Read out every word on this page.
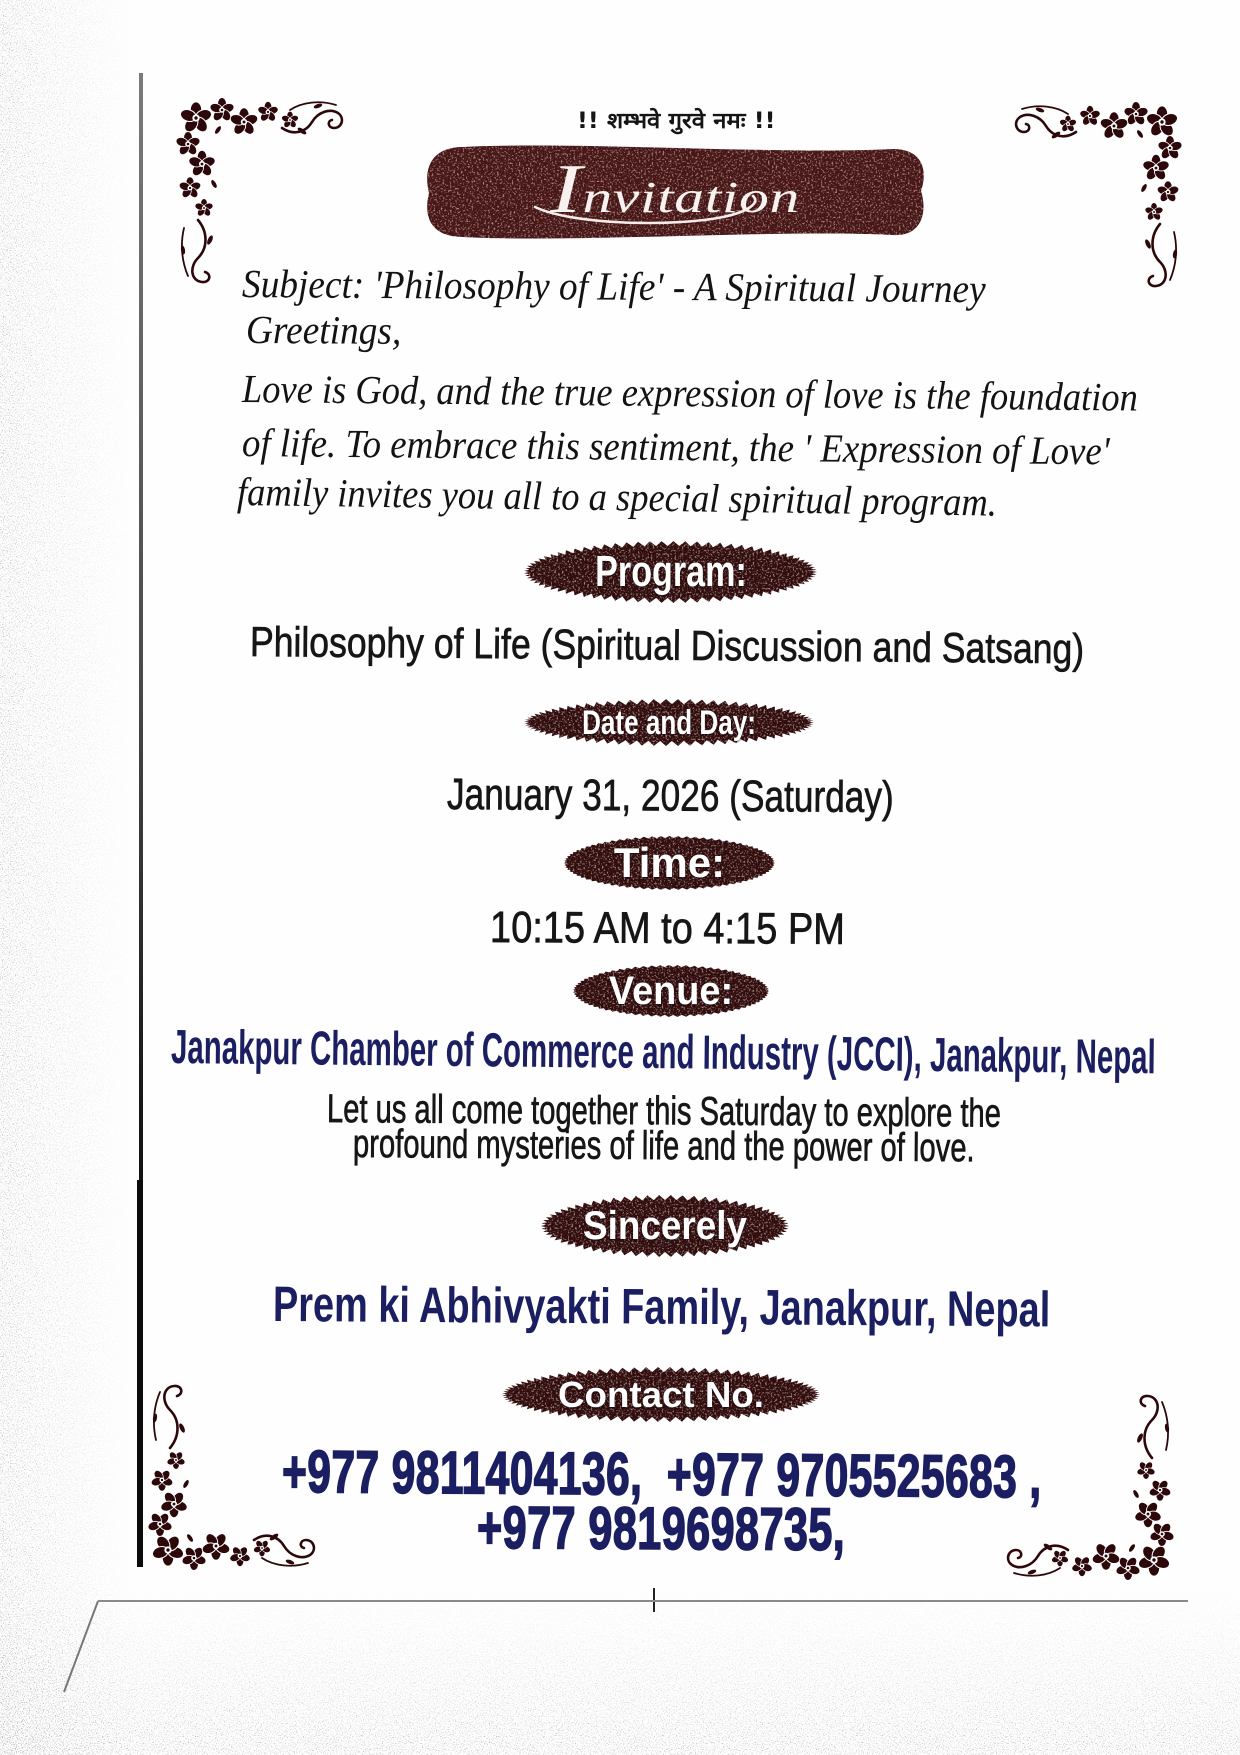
!! शम्भवे गुरवे नमः !!
Invitation
Subject: 'Philosophy of Life' - A Spiritual Journey
Greetings,
Love is God, and the true expression of love is the foundation
of life. To embrace this sentiment, the ' Expression of Love'
family invites you all to a special spiritual program.
Program:
Philosophy of Life (Spiritual Discussion and Satsang)
Date and Day:
January 31, 2026 (Saturday)
Time:
10:15 AM to 4:15 PM
Venue:
Janakpur Chamber of Commerce and Industry (JCCI), Janakpur, Nepal
Let us all come together this Saturday to explore the
profound mysteries of life and the power of love.
Sincerely
Prem ki Abhivyakti Family, Janakpur, Nepal
Contact No.
+977 9811404136,  +977 9705525683 ,
+977 9819698735,
